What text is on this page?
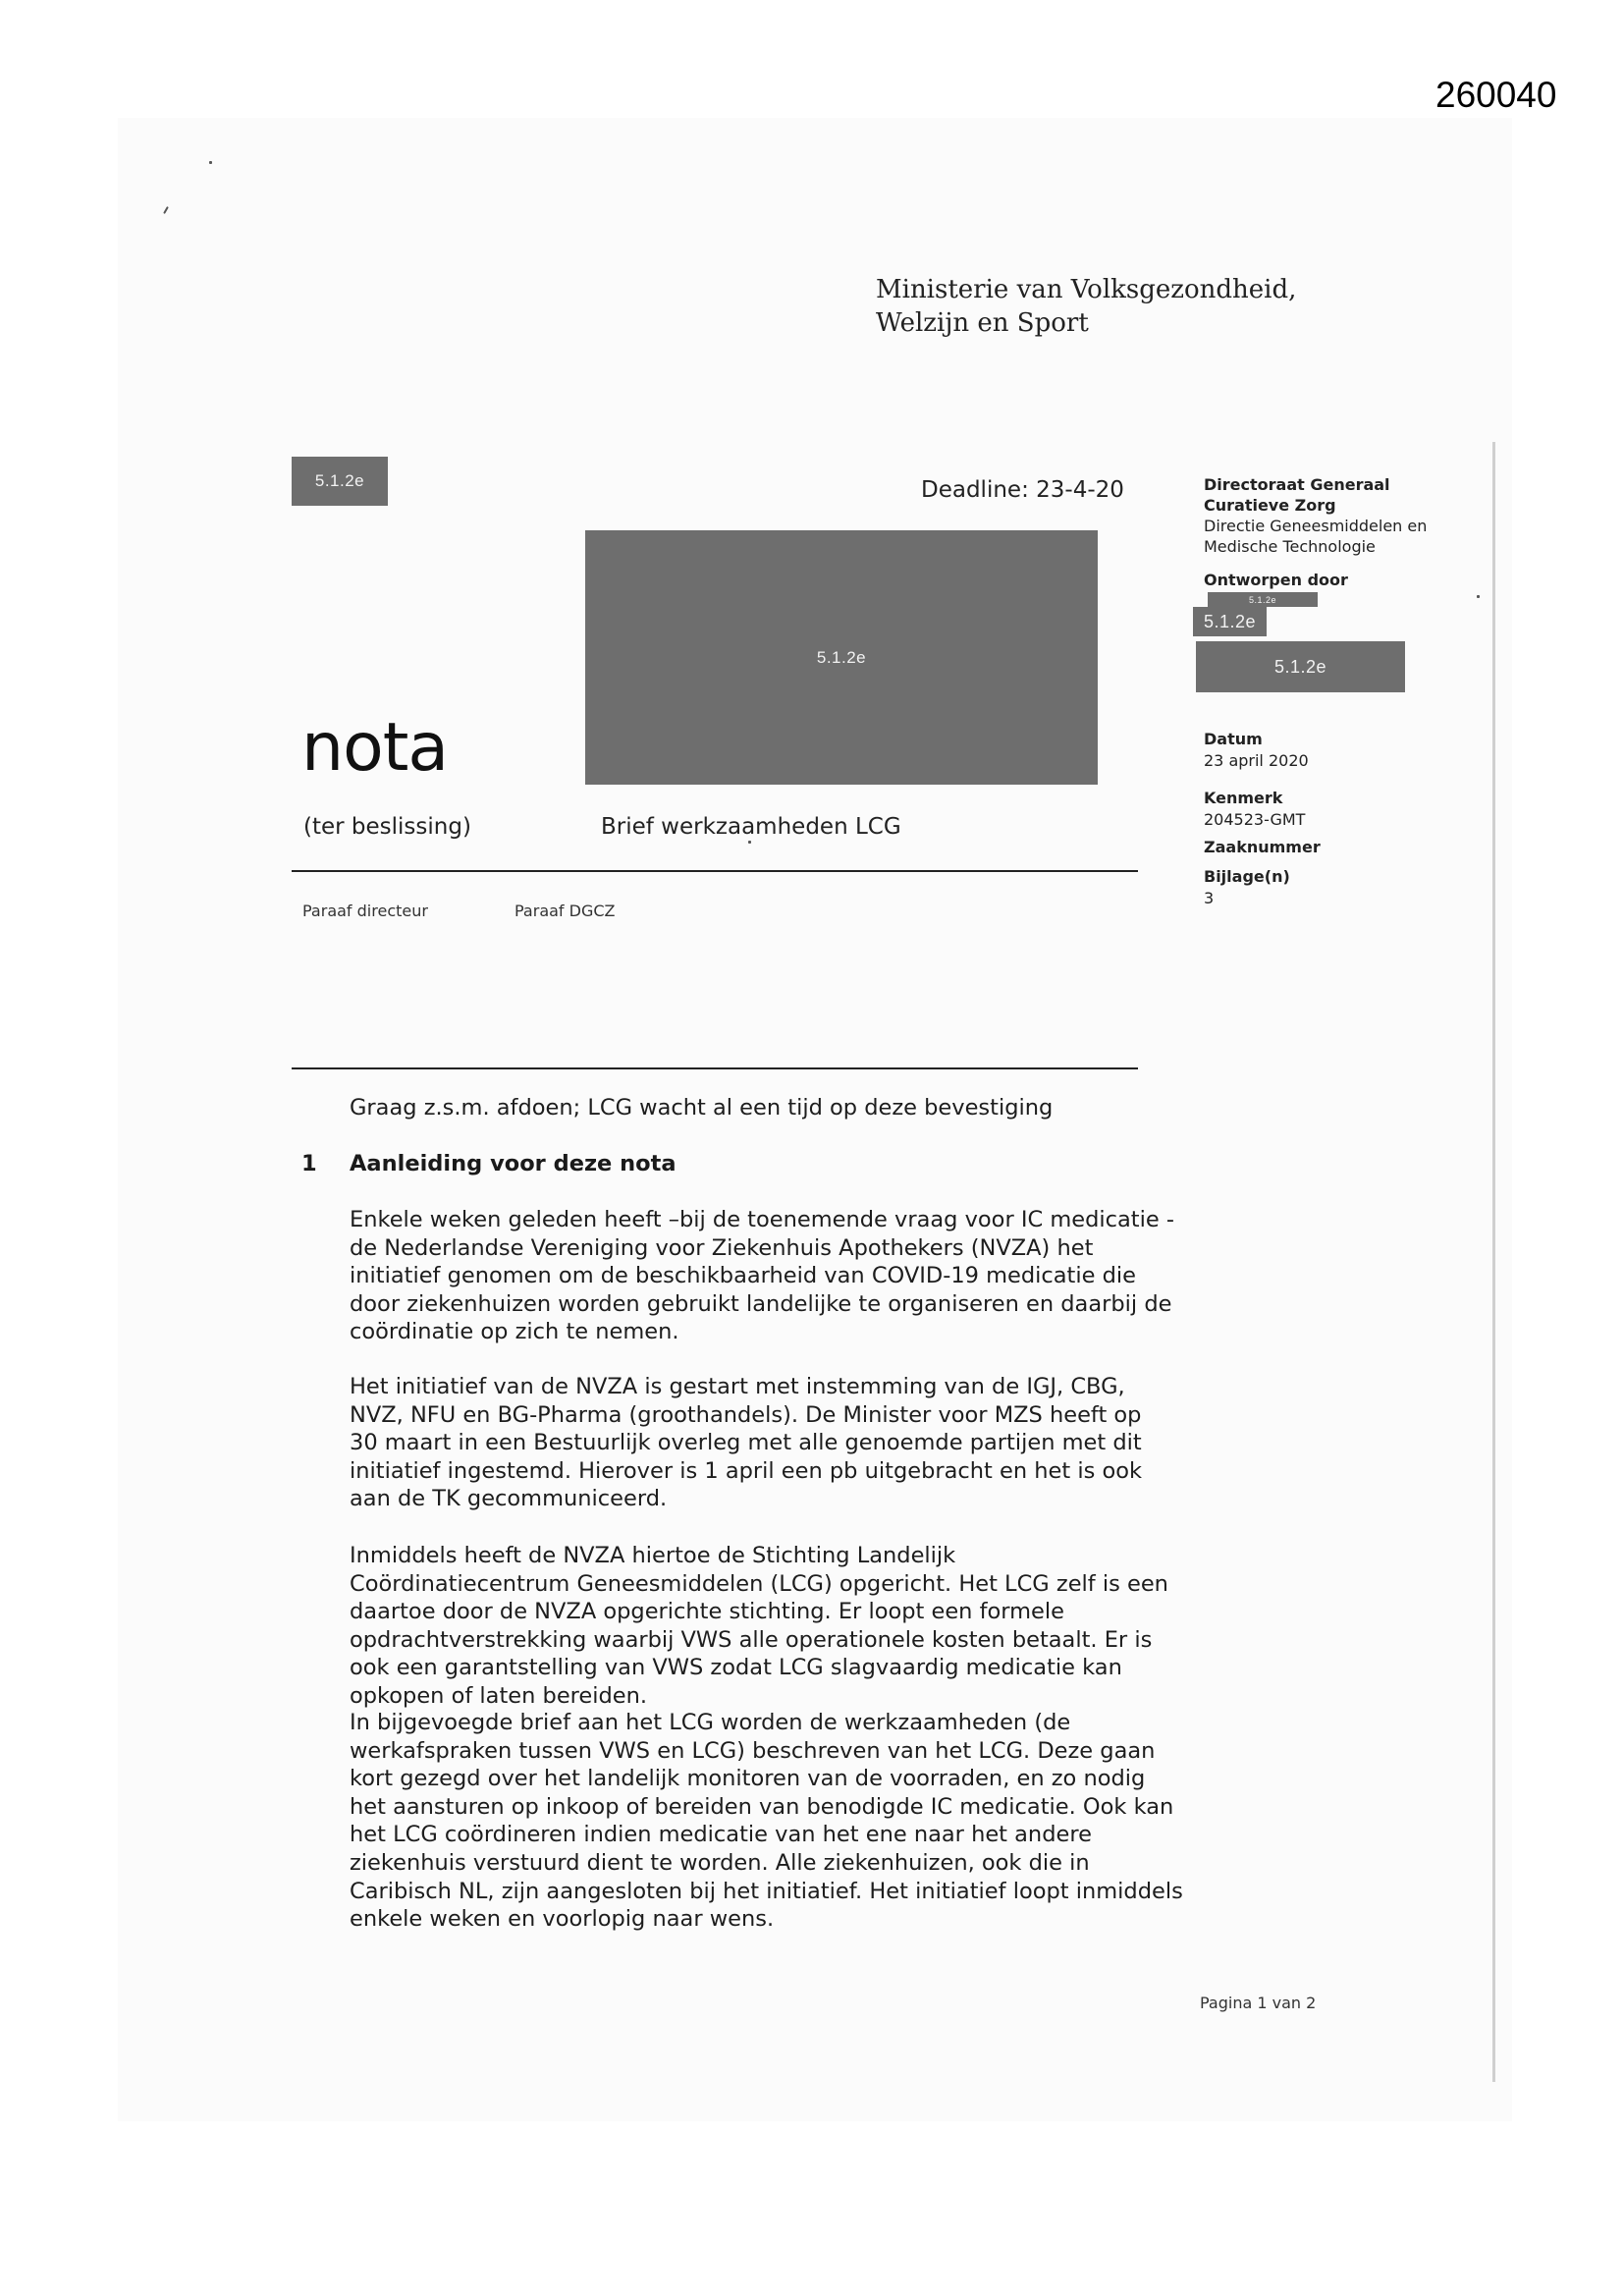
260040
Ministerie van Volksgezondheid,
Welzijn en Sport
5.1.2e
5.1.2e
Deadline: 23-4-20
nota
(ter beslissing)	Brief werkzaamheden LCG
Paraaf directeur	Paraaf DGCZ
Directoraat Generaal
Curatieve Zorg
Directie Geneesmiddelen en
Medische Technologie
Ontworpen door
5.1.2e
5.1.2e
5.1.2e
Datum
23 april 2020
Kenmerk
204523-GMT
Zaaknummer
Bijlage(n)
3
Graag z.s.m. afdoen; LCG wacht al een tijd op deze bevestiging
1 Aanleiding voor deze nota
Enkele weken geleden heeft –bij de toenemende vraag voor IC medicatie - de Nederlandse Vereniging voor Ziekenhuis Apothekers (NVZA) het initiatief genomen om de beschikbaarheid van COVID-19 medicatie die door ziekenhuizen worden gebruikt landelijke te organiseren en daarbij de coördinatie op zich te nemen.
Het initiatief van de NVZA is gestart met instemming van de IGJ, CBG, NVZ, NFU en BG-Pharma (groothandels). De Minister voor MZS heeft op 30 maart in een Bestuurlijk overleg met alle genoemde partijen met dit initiatief ingestemd. Hierover is 1 april een pb uitgebracht en het is ook aan de TK gecommuniceerd.
Inmiddels heeft de NVZA hiertoe de Stichting Landelijk Coördinatiecentrum Geneesmiddelen (LCG) opgericht. Het LCG zelf is een daartoe door de NVZA opgerichte stichting. Er loopt een formele opdrachtverstrekking waarbij VWS alle operationele kosten betaalt. Er is ook een garantstelling van VWS zodat LCG slagvaardig medicatie kan opkopen of laten bereiden.
In bijgevoegde brief aan het LCG worden de werkzaamheden (de werkafspraken tussen VWS en LCG) beschreven van het LCG. Deze gaan kort gezegd over het landelijk monitoren van de voorraden, en zo nodig het aansturen op inkoop of bereiden van benodigde IC medicatie. Ook kan het LCG coördineren indien medicatie van het ene naar het andere ziekenhuis verstuurd dient te worden. Alle ziekenhuizen, ook die in Caribisch NL, zijn aangesloten bij het initiatief. Het initiatief loopt inmiddels enkele weken en voorlopig naar wens.
Pagina 1 van 2
